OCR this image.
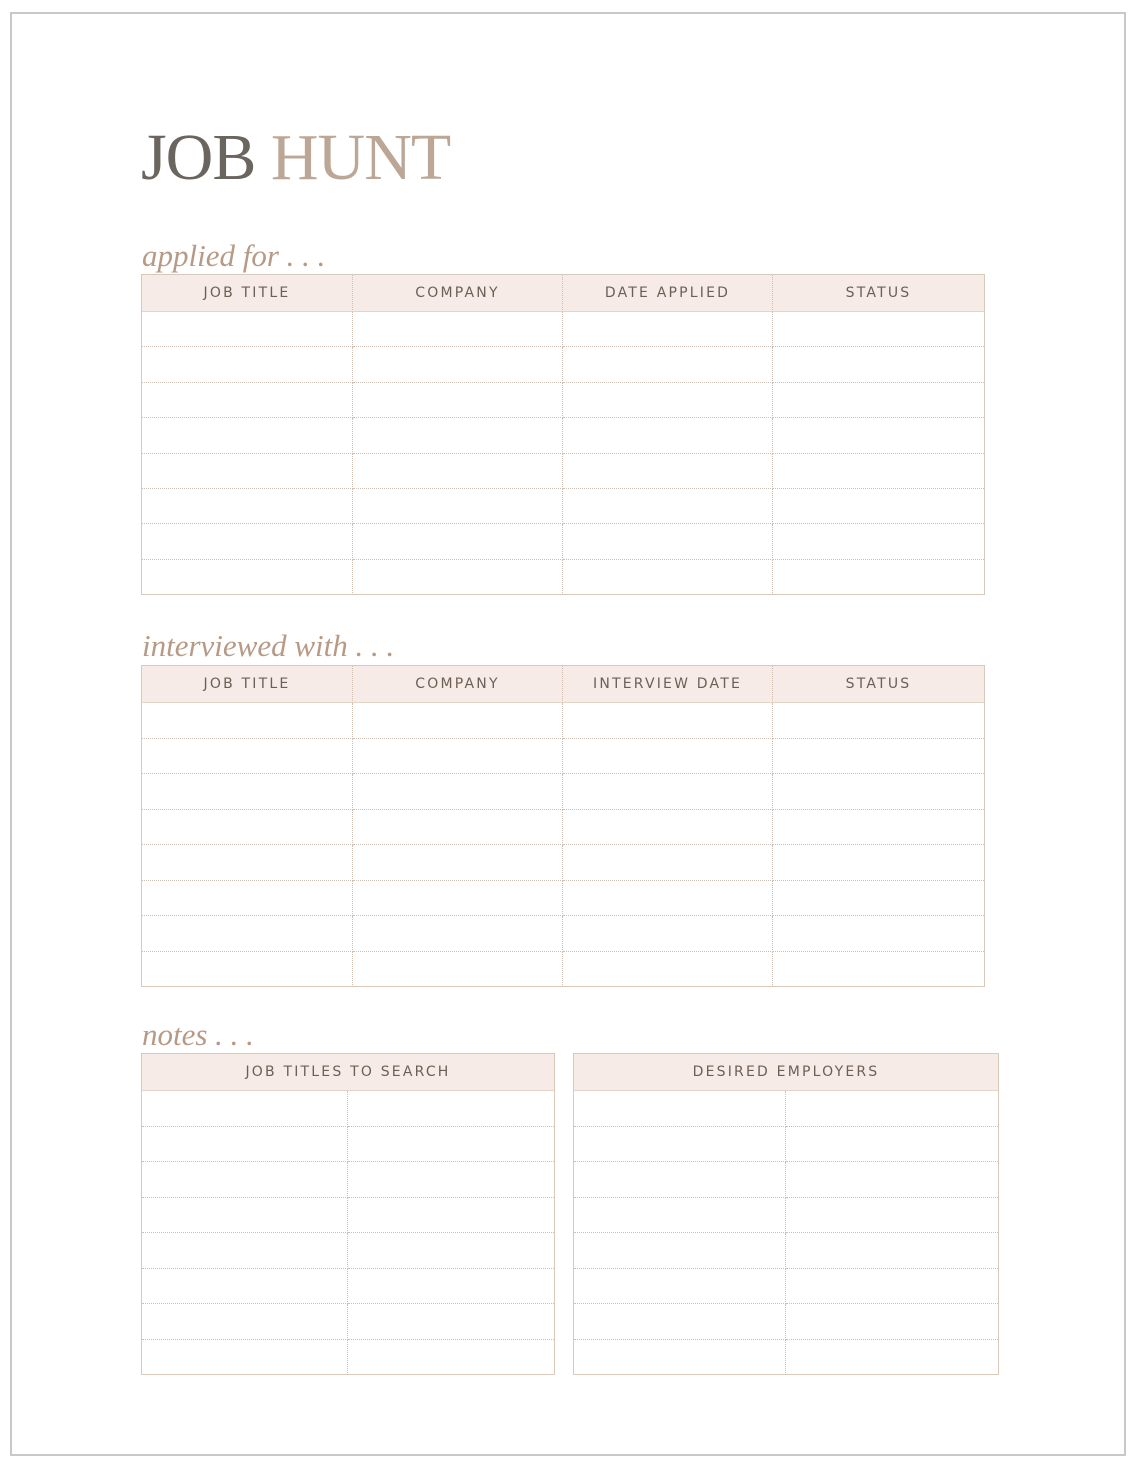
JOB HUNT
applied for . . .
JOB TITLE	COMPANY	DATE APPLIED	STATUS
interviewed with . . .
JOB TITLE	COMPANY	INTERVIEW DATE	STATUS
notes . . .
JOB TITLES TO SEARCH	DESIRED EMPLOYERS
